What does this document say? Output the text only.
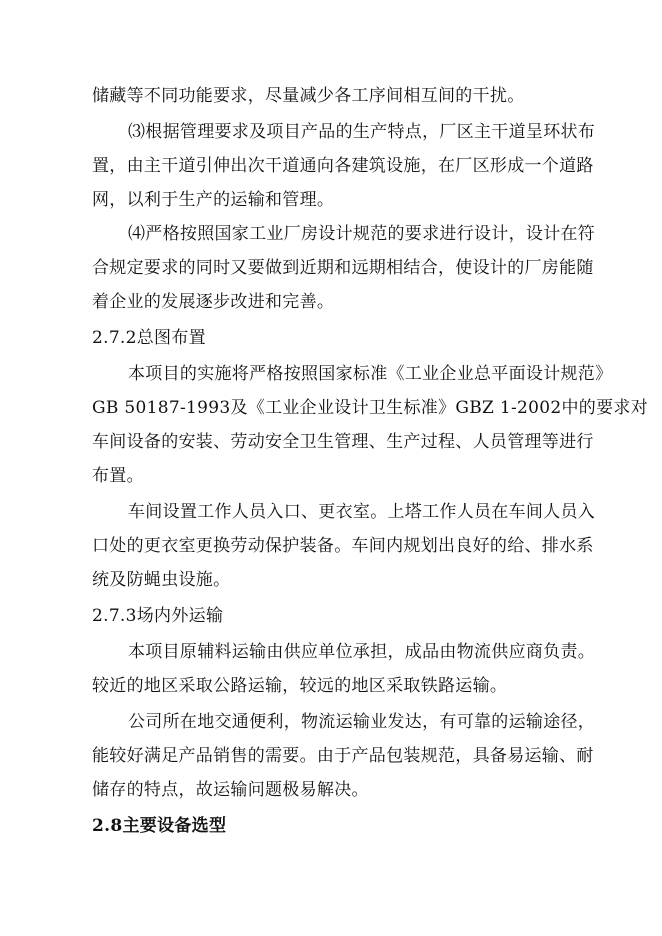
储藏等不同功能要求，尽量减少各工序间相互间的干扰。
⑶根据管理要求及项目产品的生产特点，厂区主干道呈环状布
置，由主干道引伸出次干道通向各建筑设施，在厂区形成一个道路
网，以利于生产的运输和管理。
⑷严格按照国家工业厂房设计规范的要求进行设计，设计在符
合规定要求的同时又要做到近期和远期相结合，使设计的厂房能随
着企业的发展逐步改进和完善。
2.7.2总图布置
本项目的实施将严格按照国家标准《工业企业总平面设计规范》
GB 50187-1993及《工业企业设计卫生标准》GBZ 1-2002中的要求对
车间设备的安装、劳动安全卫生管理、生产过程、人员管理等进行
布置。
车间设置工作人员入口、更衣室。上塔工作人员在车间人员入
口处的更衣室更换劳动保护装备。车间内规划出良好的给、排水系
统及防蝇虫设施。
2.7.3场内外运输
本项目原辅料运输由供应单位承担，成品由物流供应商负责。
较近的地区采取公路运输，较远的地区采取铁路运输。
公司所在地交通便利，物流运输业发达，有可靠的运输途径，
能较好满足产品销售的需要。由于产品包装规范，具备易运输、耐
储存的特点，故运输问题极易解决。
2.8主要设备选型
